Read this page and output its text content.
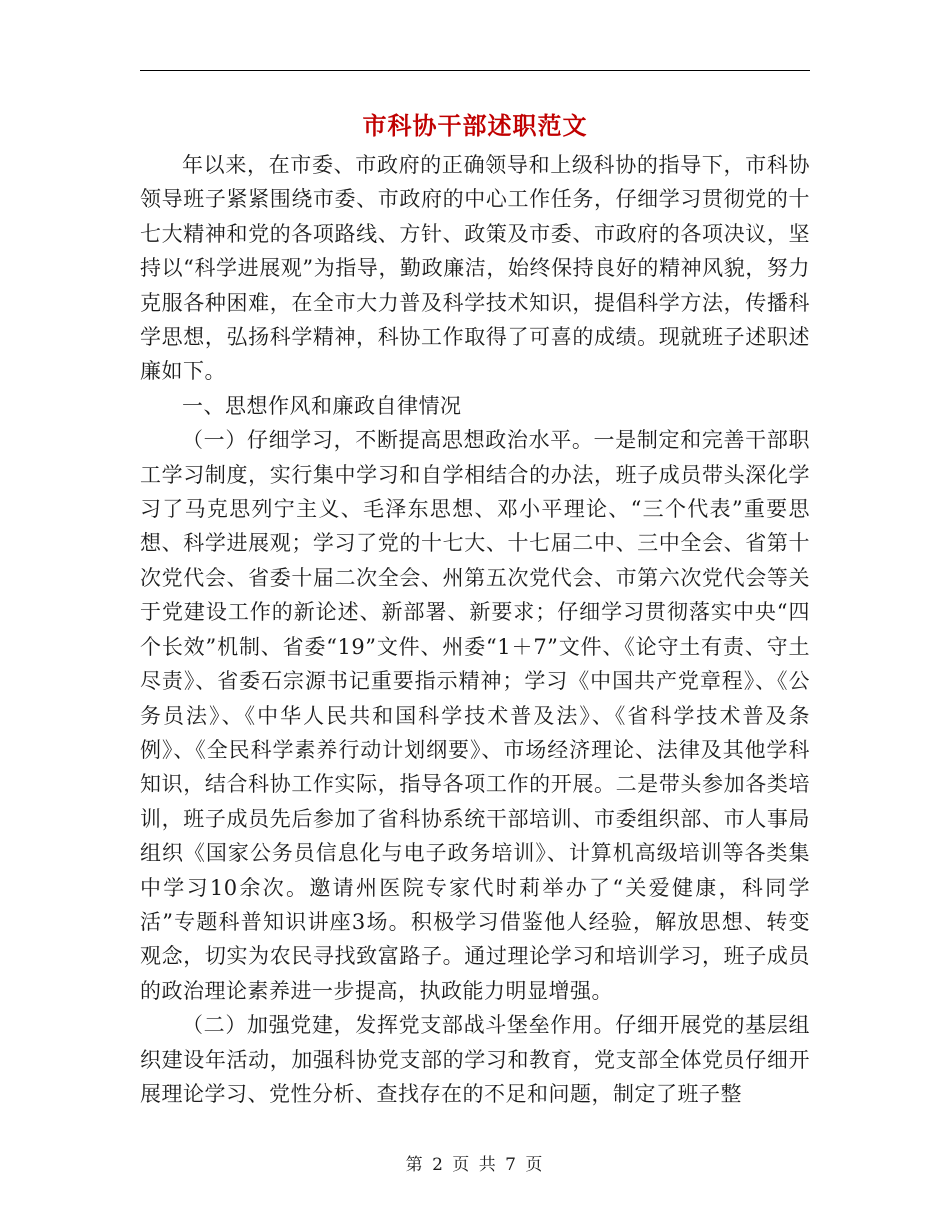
市科协干部述职范文

年以来，在市委、市政府的正确领导和上级科协的指导下，市科协领导班子紧紧围绕市委、市政府的中心工作任务，仔细学习贯彻党的十七大精神和党的各项路线、方针、政策及市委、市政府的各项决议，坚持以“科学进展观”为指导，勤政廉洁，始终保持良好的精神风貌，努力克服各种困难，在全市大力普及科学技术知识，提倡科学方法，传播科学思想，弘扬科学精神，科协工作取得了可喜的成绩。现就班子述职述廉如下。

一、思想作风和廉政自律情况

（一）仔细学习，不断提高思想政治水平。一是制定和完善干部职工学习制度，实行集中学习和自学相结合的办法，班子成员带头深化学习了马克思列宁主义、毛泽东思想、邓小平理论、“三个代表”重要思想、科学进展观；学习了党的十七大、十七届二中、三中全会、省第十次党代会、省委十届二次全会、州第五次党代会、市第六次党代会等关于党建设工作的新论述、新部署、新要求；仔细学习贯彻落实中央“四个长效”机制、省委“19”文件、州委“1＋7”文件、《论守土有责、守土尽责》、省委石宗源书记重要指示精神；学习《中国共产党章程》、《公务员法》、《中华人民共和国科学技术普及法》、《省科学技术普及条例》、《全民科学素养行动计划纲要》、市场经济理论、法律及其他学科知识，结合科协工作实际，指导各项工作的开展。二是带头参加各类培训，班子成员先后参加了省科协系统干部培训、市委组织部、市人事局组织《国家公务员信息化与电子政务培训》、计算机高级培训等各类集中学习10余次。邀请州医院专家代时莉举办了“关爱健康，科同学活”专题科普知识讲座3场。积极学习借鉴他人经验，解放思想、转变观念，切实为农民寻找致富路子。通过理论学习和培训学习，班子成员的政治理论素养进一步提高，执政能力明显增强。

（二）加强党建，发挥党支部战斗堡垒作用。仔细开展党的基层组织建设年活动，加强科协党支部的学习和教育，党支部全体党员仔细开展理论学习、党性分析、查找存在的不足和问题，制定了班子整

第 2 页 共 7 页
